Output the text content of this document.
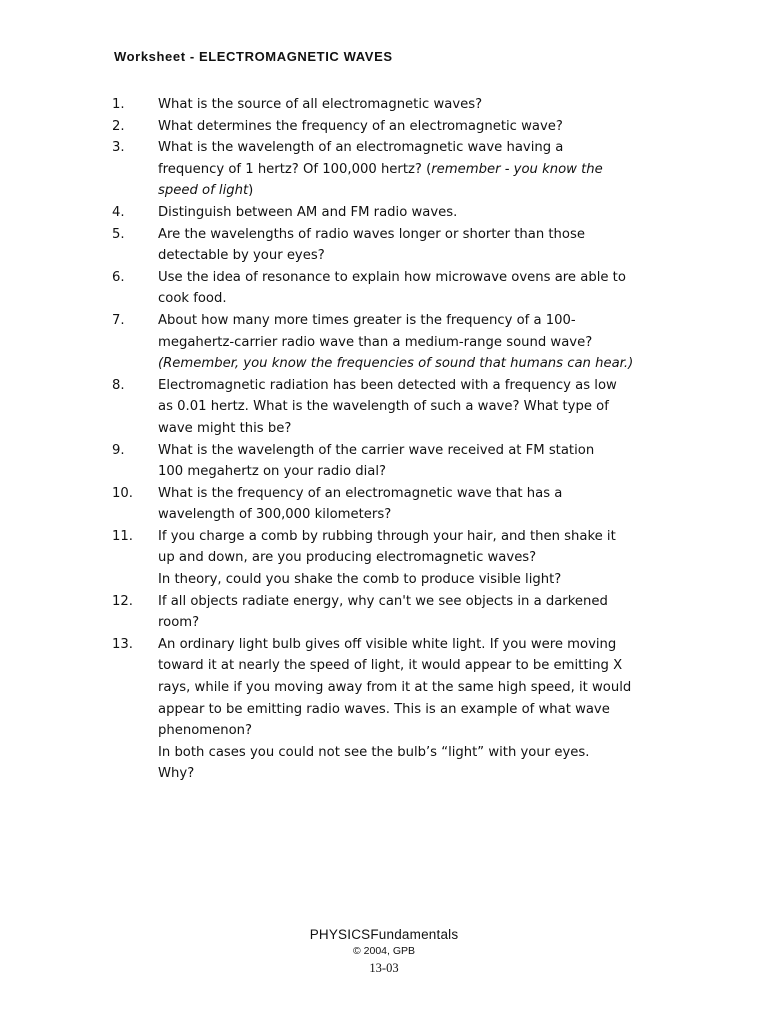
Worksheet - ELECTROMAGNETIC WAVES
1.	What is the source of all electromagnetic waves?
2.	What determines the frequency of an electromagnetic wave?
3.	What is the wavelength of an electromagnetic wave having a
frequency of 1 hertz? Of 100,000 hertz? (remember - you know the
speed of light)
4.	Distinguish between AM and FM radio waves.
5.	Are the wavelengths of radio waves longer or shorter than those
detectable by your eyes?
6.	Use the idea of resonance to explain how microwave ovens are able to
cook food.
7.	About how many more times greater is the frequency of a 100-
megahertz-carrier radio wave than a medium-range sound wave?
(Remember, you know the frequencies of sound that humans can hear.)
8.	Electromagnetic radiation has been detected with a frequency as low
as 0.01 hertz. What is the wavelength of such a wave? What type of
wave might this be?
9.	What is the wavelength of the carrier wave received at FM station
100 megahertz on your radio dial?
10. What is the frequency of an electromagnetic wave that has a
wavelength of 300,000 kilometers?
11. If you charge a comb by rubbing through your hair, and then shake it
up and down, are you producing electromagnetic waves?
In theory, could you shake the comb to produce visible light?
12. If all objects radiate energy, why can't we see objects in a darkened
room?
13. An ordinary light bulb gives off visible white light. If you were moving
toward it at nearly the speed of light, it would appear to be emitting X
rays, while if you moving away from it at the same high speed, it would
appear to be emitting radio waves. This is an example of what wave
phenomenon?
In both cases you could not see the bulb’s “light” with your eyes.
Why?
PHYSICSFundamentals
© 2004, GPB
13-03
